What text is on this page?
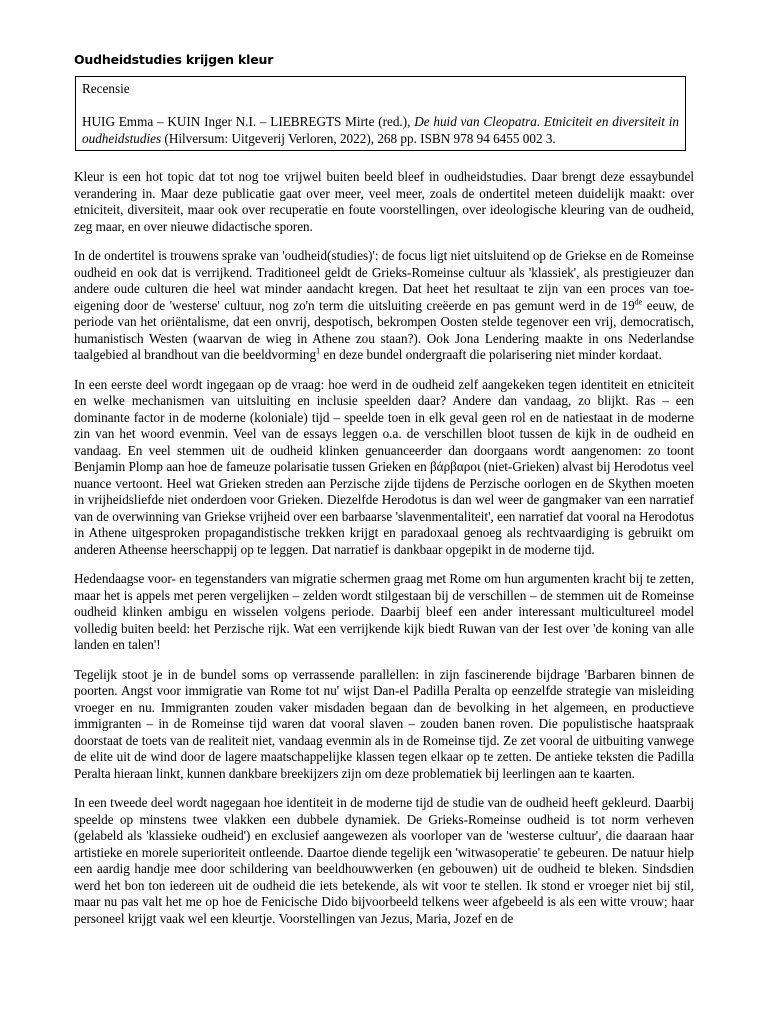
Oudheidstudies krijgen kleur
Recensie
HUIG Emma – KUIN Inger N.I. – LIEBREGTS Mirte (red.), De huid van Cleopatra. Etniciteit en diversiteit in oudheidstudies (Hilversum: Uitgeverij Verloren, 2022), 268 pp. ISBN 978 94 6455 002 3.

Kleur is een hot topic dat tot nog toe vrijwel buiten beeld bleef in oudheidstudies. Daar brengt deze essaybundel verandering in. Maar deze publicatie gaat over meer, veel meer, zoals de ondertitel meteen duidelijk maakt: over etniciteit, diversiteit, maar ook over recuperatie en foute voorstellingen, over ideologische kleuring van de oudheid, zeg maar, en over nieuwe didactische sporen.

In de ondertitel is trouwens sprake van 'oudheid(studies)': de focus ligt niet uitsluitend op de Griekse en de Romeinse oudheid en ook dat is verrijkend. Traditioneel geldt de Grieks-Romeinse cultuur als 'klassiek', als prestigieuzer dan andere oude culturen die heel wat minder aandacht kregen. Dat heet het resultaat te zijn van een proces van toe-eigening door de 'westerse' cultuur, nog zo'n term die uitsluiting creëerde en pas gemunt werd in de 19de eeuw, de periode van het oriëntalisme, dat een onvrij, despotisch, bekrompen Oosten stelde tegenover een vrij, democratisch, humanistisch Westen (waarvan de wieg in Athene zou staan?). Ook Jona Lendering maakte in ons Nederlandse taalgebied al brandhout van die beeldvorming$^1$ en deze bundel ondergraaft die polarisering niet minder kordaat.

In een eerste deel wordt ingegaan op de vraag: hoe werd in de oudheid zelf aangekeken tegen identiteit en etniciteit en welke mechanismen van uitsluiting en inclusie speelden daar? Andere dan vandaag, zo blijkt. Ras – een dominante factor in de moderne (koloniale) tijd – speelde toen in elk geval geen rol en de natiestaat in de moderne zin van het woord evenmin. Veel van de essays leggen o.a. de verschillen bloot tussen de kijk in de oudheid en vandaag. En veel stemmen uit de oudheid klinken genuanceerder dan doorgaans wordt aangenomen: zo toont Benjamin Plomp aan hoe de fameuze polarisatie tussen Grieken en βάρβαροι (niet-Grieken) alvast bij Herodotus veel nuance vertoont. Heel wat Grieken streden aan Perzische zijde tijdens de Perzische oorlogen en de Skythen moeten in vrijheidsliefde niet onderdoen voor Grieken. Diezelfde Herodotus is dan wel weer de gangmaker van een narratief van de overwinning van Griekse vrijheid over een barbaarse 'slavenmentaliteit', een narratief dat vooral na Herodotus in Athene uitgesproken propagandistische trekken krijgt en paradoxaal genoeg als rechtvaardiging is gebruikt om anderen Atheense heerschappij op te leggen. Dat narratief is dankbaar opgepikt in de moderne tijd.

Hedendaagse voor- en tegenstanders van migratie schermen graag met Rome om hun argumenten kracht bij te zetten, maar het is appels met peren vergelijken – zelden wordt stilgestaan bij de verschillen – de stemmen uit de Romeinse oudheid klinken ambigu en wisselen volgens periode. Daarbij bleef een ander interessant multicultureel model volledig buiten beeld: het Perzische rijk. Wat een verrijkende kijk biedt Ruwan van der Iest over 'de koning van alle landen en talen'!

Tegelijk stoot je in de bundel soms op verrassende parallellen: in zijn fascinerende bijdrage 'Barbaren binnen de poorten. Angst voor immigratie van Rome tot nu' wijst Dan-el Padilla Peralta op eenzelfde strategie van misleiding vroeger en nu. Immigranten zouden vaker misdaden begaan dan de bevolking in het algemeen, en productieve immigranten – in de Romeinse tijd waren dat vooral slaven – zouden banen roven. Die populistische haatspraak doorstaat de toets van de realiteit niet, vandaag evenmin als in de Romeinse tijd. Ze zet vooral de uitbuiting vanwege de elite uit de wind door de lagere maatschappelijke klassen tegen elkaar op te zetten. De antieke teksten die Padilla Peralta hieraan linkt, kunnen dankbare breekijzers zijn om deze problematiek bij leerlingen aan te kaarten.

In een tweede deel wordt nagegaan hoe identiteit in de moderne tijd de studie van de oudheid heeft gekleurd. Daarbij speelde op minstens twee vlakken een dubbele dynamiek. De Grieks-Romeinse oudheid is tot norm verheven (gelabeld als 'klassieke oudheid') en exclusief aangewezen als voorloper van de 'westerse cultuur', die daaraan haar artistieke en morele superioriteit ontleende. Daartoe diende tegelijk een 'witwasoperatie' te gebeuren. De natuur hielp een aardig handje mee door schildering van beeldhouwwerken (en gebouwen) uit de oudheid te bleken. Sindsdien werd het bon ton iedereen uit de oudheid die iets betekende, als wit voor te stellen. Ik stond er vroeger niet bij stil, maar nu pas valt het me op hoe de Fenicische Dido bijvoorbeeld telkens weer afgebeeld is als een witte vrouw; haar personeel krijgt vaak wel een kleurtje. Voorstellingen van Jezus, Maria, Jozef en de
